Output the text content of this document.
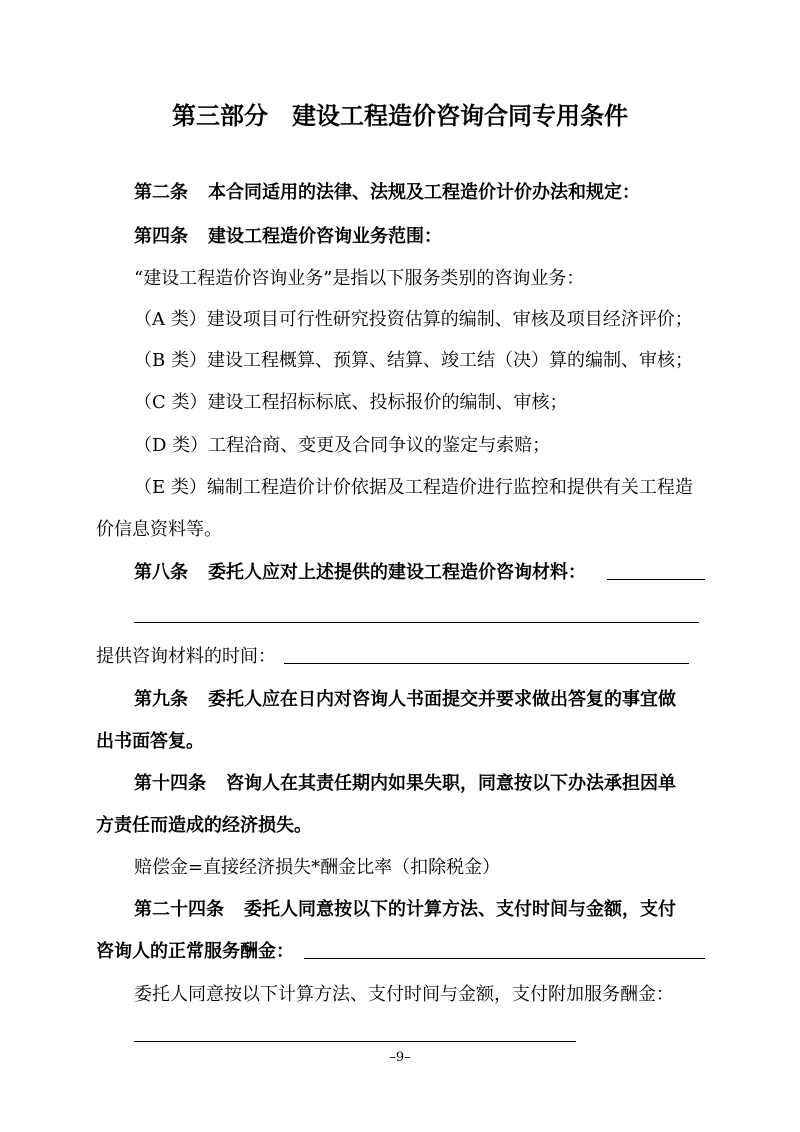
第三部分　建设工程造价咨询合同专用条件
第二条 本合同适用的法律、法规及工程造价计价办法和规定：
第四条 建设工程造价咨询业务范围：
“建设工程造价咨询业务”是指以下服务类别的咨询业务：
（A 类）建设项目可行性研究投资估算的编制、审核及项目经济评价；
（B 类）建设工程概算、预算、结算、竣工结（决）算的编制、审核；
（C 类）建设工程招标标底、投标报价的编制、审核；
（D 类）工程洽商、变更及合同争议的鉴定与索赔；
（E 类）编制工程造价计价依据及工程造价进行监控和提供有关工程造
价信息资料等。
第八条 委托人应对上述提供的建设工程造价咨询材料：
提供咨询材料的时间：
第九条 委托人应在日内对咨询人书面提交并要求做出答复的事宜做
出书面答复。
第十四条 咨询人在其责任期内如果失职，同意按以下办法承担因单
方责任而造成的经济损失。
赔偿金=直接经济损失*酬金比率（扣除税金）
第二十四条 委托人同意按以下的计算方法、支付时间与金额，支付
咨询人的正常服务酬金：
委托人同意按以下计算方法、支付时间与金额，支付附加服务酬金：
–9–
